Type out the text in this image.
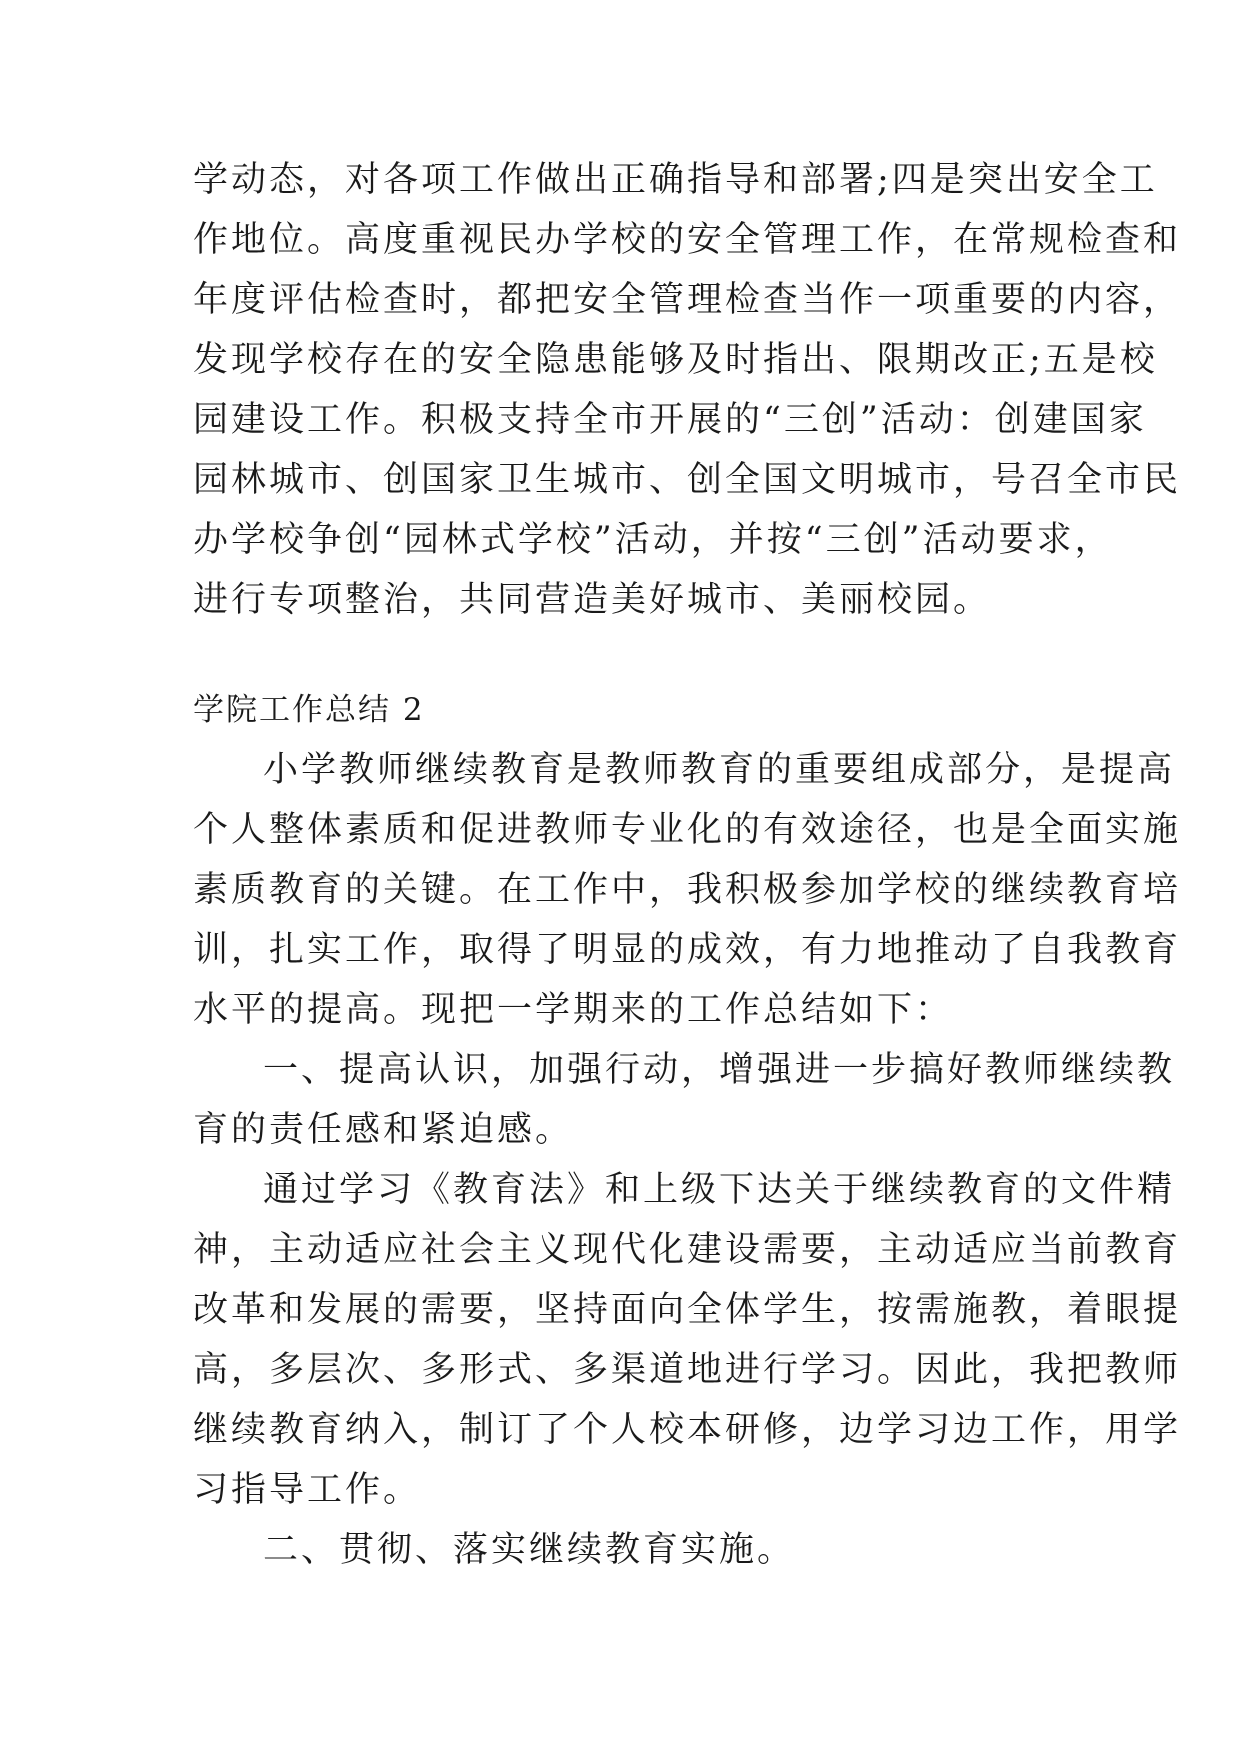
学动态，对各项工作做出正确指导和部署;四是突出安全工
作地位。高度重视民办学校的安全管理工作，在常规检查和
年度评估检查时，都把安全管理检查当作一项重要的内容，
发现学校存在的安全隐患能够及时指出、限期改正;五是校
园建设工作。积极支持全市开展的“三创”活动：创建国家
园林城市、创国家卫生城市、创全国文明城市，号召全市民
办学校争创“园林式学校”活动，并按“三创”活动要求，
进行专项整治，共同营造美好城市、美丽校园。
学院工作总结 2
小学教师继续教育是教师教育的重要组成部分，是提高
个人整体素质和促进教师专业化的有效途径，也是全面实施
素质教育的关键。在工作中，我积极参加学校的继续教育培
训，扎实工作，取得了明显的成效，有力地推动了自我教育
水平的提高。现把一学期来的工作总结如下：
一、提高认识，加强行动，增强进一步搞好教师继续教
育的责任感和紧迫感。
通过学习《教育法》和上级下达关于继续教育的文件精
神，主动适应社会主义现代化建设需要，主动适应当前教育
改革和发展的需要，坚持面向全体学生，按需施教，着眼提
高，多层次、多形式、多渠道地进行学习。因此，我把教师
继续教育纳入，制订了个人校本研修，边学习边工作，用学
习指导工作。
二、贯彻、落实继续教育实施。
